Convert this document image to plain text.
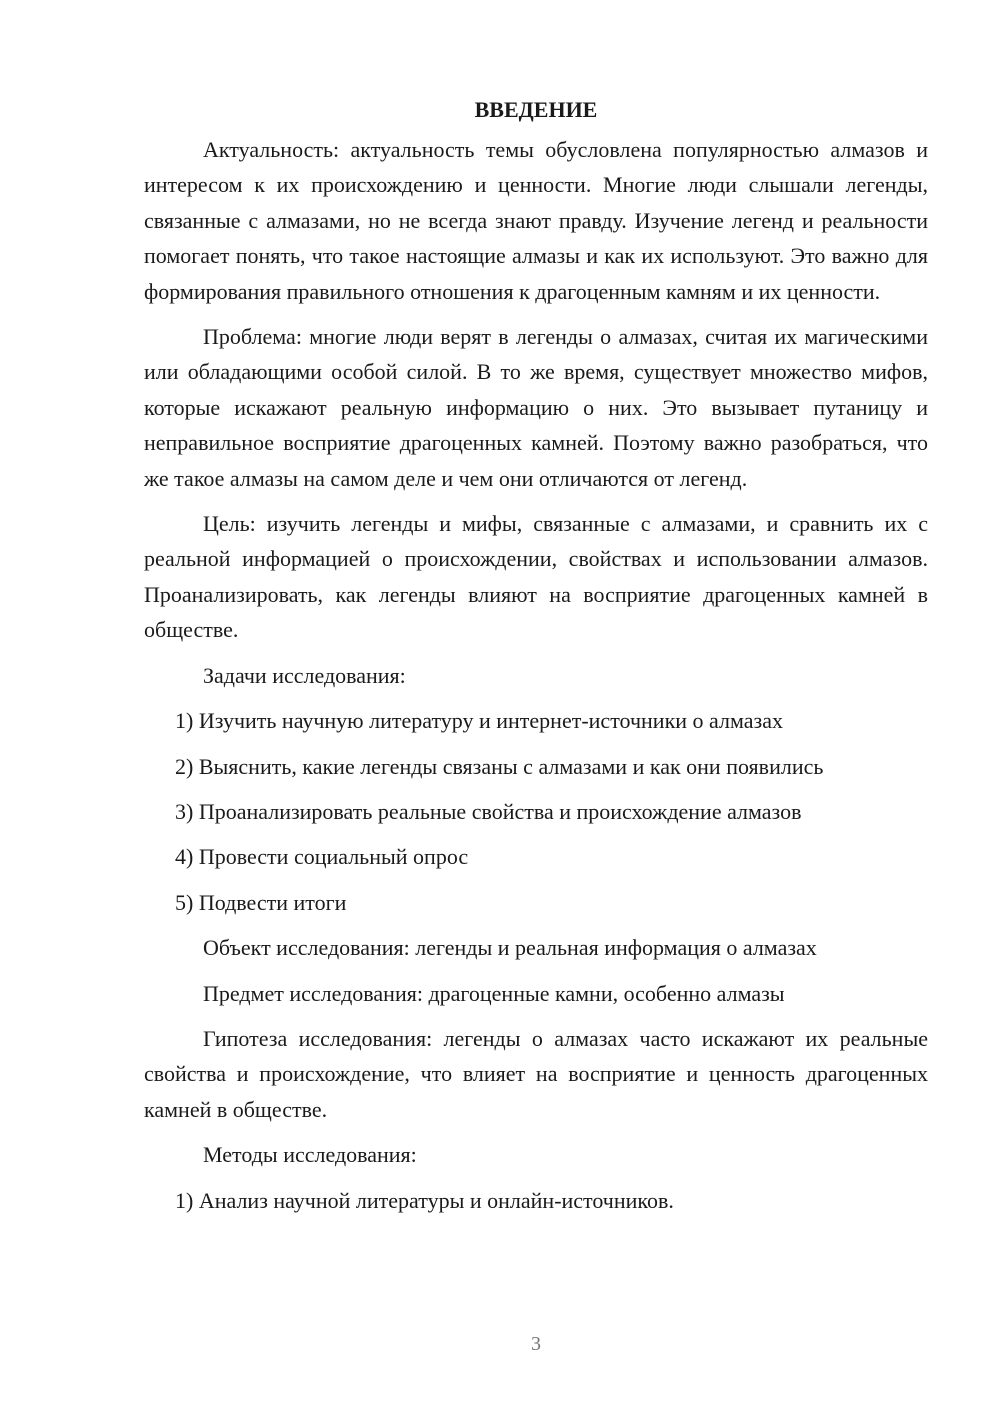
ВВЕДЕНИЕ

Актуальность: актуальность темы обусловлена популярностью алмазов и интересом к их происхождению и ценности. Многие люди слышали легенды, связанные с алмазами, но не всегда знают правду. Изучение легенд и реальности помогает понять, что такое настоящие алмазы и как их используют. Это важно для формирования правильного отношения к драгоценным камням и их ценности.

Проблема: многие люди верят в легенды о алмазах, считая их магическими или обладающими особой силой. В то же время, существует множество мифов, которые искажают реальную информацию о них. Это вызывает путаницу и неправильное восприятие драгоценных камней. Поэтому важно разобраться, что же такое алмазы на самом деле и чем они отличаются от легенд.

Цель: изучить легенды и мифы, связанные с алмазами, и сравнить их с реальной информацией о происхождении, свойствах и использовании алмазов. Проанализировать, как легенды влияют на восприятие драгоценных камней в обществе.

Задачи исследования:

1) Изучить научную литературу и интернет-источники о алмазах

2) Выяснить, какие легенды связаны с алмазами и как они появились

3) Проанализировать реальные свойства и происхождение алмазов

4) Провести социальный опрос

5) Подвести итоги

Объект исследования: легенды и реальная информация о алмазах

Предмет исследования: драгоценные камни, особенно алмазы

Гипотеза исследования: легенды о алмазах часто искажают их реальные свойства и происхождение, что влияет на восприятие и ценность драгоценных камней в обществе.

Методы исследования:

1) Анализ научной литературы и онлайн-источников.

3
